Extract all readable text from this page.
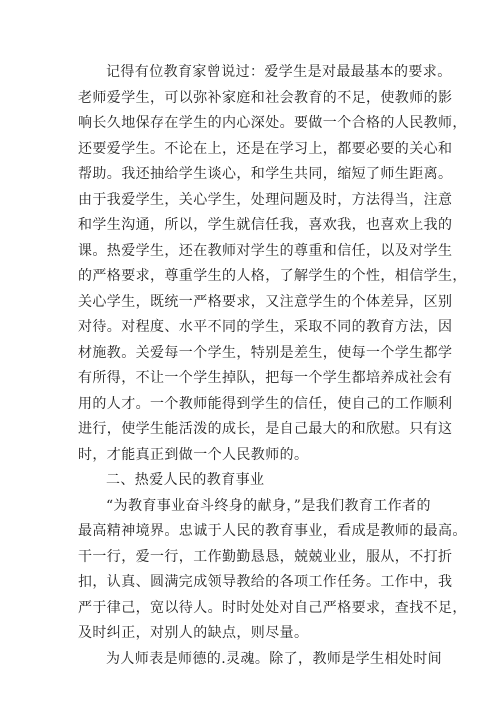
记得有位教育家曾说过：爱学生是对最最基本的要求。
老师爱学生，可以弥补家庭和社会教育的不足，使教师的影
响长久地保存在学生的内心深处。要做一个合格的人民教师，
还要爱学生。不论在上，还是在学习上，都要必要的关心和
帮助。我还抽给学生谈心，和学生共同，缩短了师生距离。
由于我爱学生，关心学生，处理问题及时，方法得当，注意
和学生沟通，所以，学生就信任我，喜欢我，也喜欢上我的
课。热爱学生，还在教师对学生的尊重和信任，以及对学生
的严格要求，尊重学生的人格，了解学生的个性，相信学生，
关心学生，既统一严格要求，又注意学生的个体差异，区别
对待。对程度、水平不同的学生，采取不同的教育方法，因
材施教。关爱每一个学生，特别是差生，使每一个学生都学
有所得，不让一个学生掉队，把每一个学生都培养成社会有
用的人才。一个教师能得到学生的信任，使自己的工作顺利
进行，使学生能活泼的成长，是自己最大的和欣慰。只有这
时，才能真正到做一个人民教师的。
二、热爱人民的教育事业
“为教育事业奋斗终身的献身，”是我们教育工作者的
最高精神境界。忠诚于人民的教育事业，看成是教师的最高。
干一行，爱一行，工作勤勤恳恳，兢兢业业，服从，不打折
扣，认真、圆满完成领导教给的各项工作任务。工作中，我
严于律己，宽以待人。时时处处对自己严格要求，查找不足，
及时纠正，对别人的缺点，则尽量。
为人师表是师德的.灵魂。除了，教师是学生相处时间
